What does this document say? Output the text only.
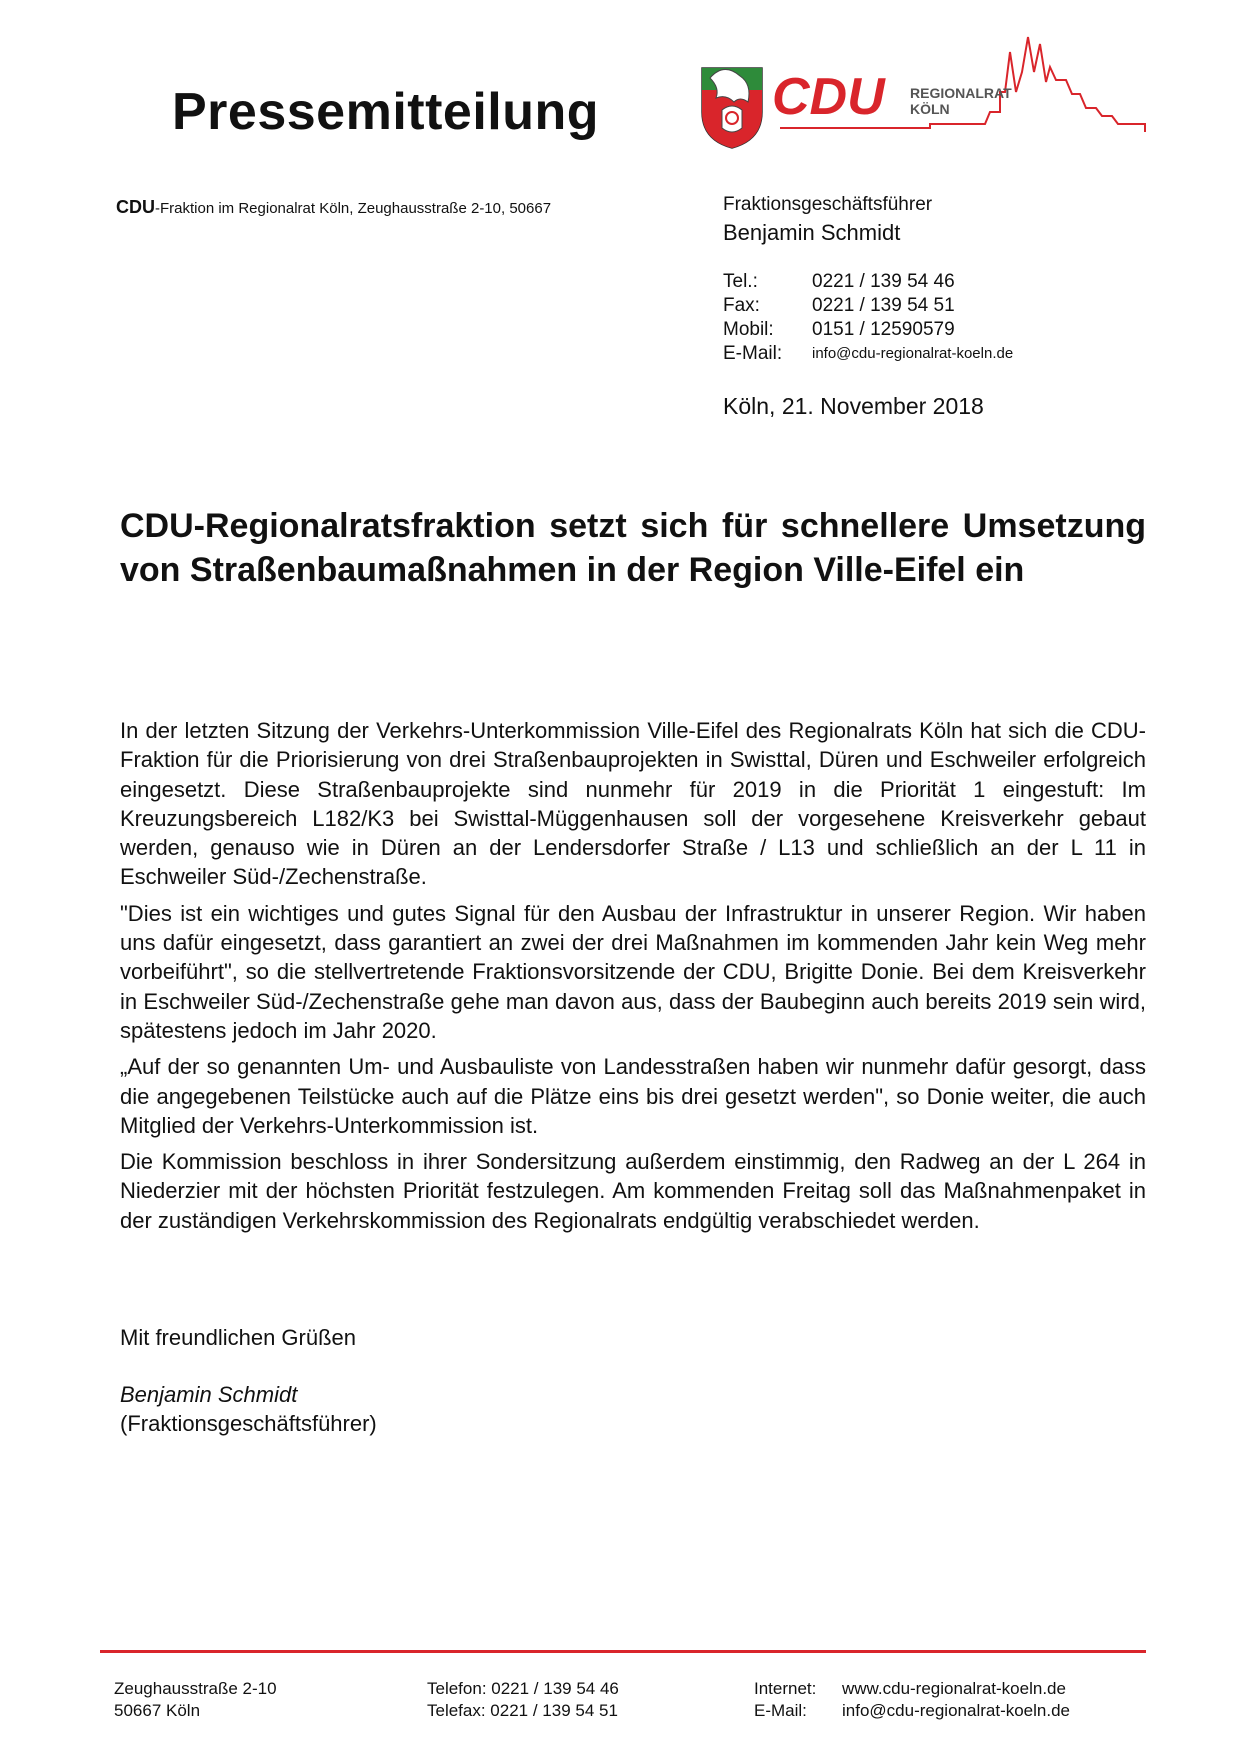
Pressemitteilung	CDU REGIONALRAT
KÖLN
CDU-Fraktion im Regionalrat Köln, Zeughausstraße 2-10, 50667	Fraktionsgeschäftsführer
Benjamin Schmidt
Tel.:	0221 / 139 54 46
Fax:	0221 / 139 54 51
Mobil:	0151 / 12590579
E-Mail:	info@cdu-regionalrat-koeln.de
Köln, 21. November 2018
CDU-Regionalratsfraktion setzt sich für schnellere Umsetzung von Straßenbaumaßnahmen in der Region Ville-Eifel ein

In der letzten Sitzung der Verkehrs-Unterkommission Ville-Eifel des Regionalrats Köln hat sich die CDU-Fraktion für die Priorisierung von drei Straßenbauprojekten in Swisttal, Düren und Eschweiler erfolgreich eingesetzt. Diese Straßenbauprojekte sind nunmehr für 2019 in die Priorität 1 eingestuft: Im Kreuzungsbereich L182/K3 bei Swisttal-Müggenhausen soll der vorgesehene Kreisverkehr gebaut werden, genauso wie in Düren an der Lendersdorfer Straße / L13 und schließlich an der L 11 in Eschweiler Süd-/Zechenstraße.

"Dies ist ein wichtiges und gutes Signal für den Ausbau der Infrastruktur in unserer Region. Wir haben uns dafür eingesetzt, dass garantiert an zwei der drei Maßnahmen im kommenden Jahr kein Weg mehr vorbeiführt", so die stellvertretende Fraktionsvorsitzende der CDU, Brigitte Donie. Bei dem Kreisverkehr in Eschweiler Süd-/Zechenstraße gehe man davon aus, dass der Baubeginn auch bereits 2019 sein wird, spätestens jedoch im Jahr 2020.

„Auf der so genannten Um- und Ausbauliste von Landesstraßen haben wir nunmehr dafür gesorgt, dass die angegebenen Teilstücke auch auf die Plätze eins bis drei gesetzt werden", so Donie weiter, die auch Mitglied der Verkehrs-Unterkommission ist.

Die Kommission beschloss in ihrer Sondersitzung außerdem einstimmig, den Radweg an der L 264 in Niederzier mit der höchsten Priorität festzulegen. Am kommenden Freitag soll das Maßnahmenpaket in der zuständigen Verkehrskommission des Regionalrats endgültig verabschiedet werden.

Mit freundlichen Grüßen
Benjamin Schmidt
(Fraktionsgeschäftsführer)
Zeughausstraße 2-10
50667 Köln
Telefon: 0221 / 139 54 46
Telefax: 0221 / 139 54 51
Internet:	www.cdu-regionalrat-koeln.de
E-Mail:	info@cdu-regionalrat-koeln.de
